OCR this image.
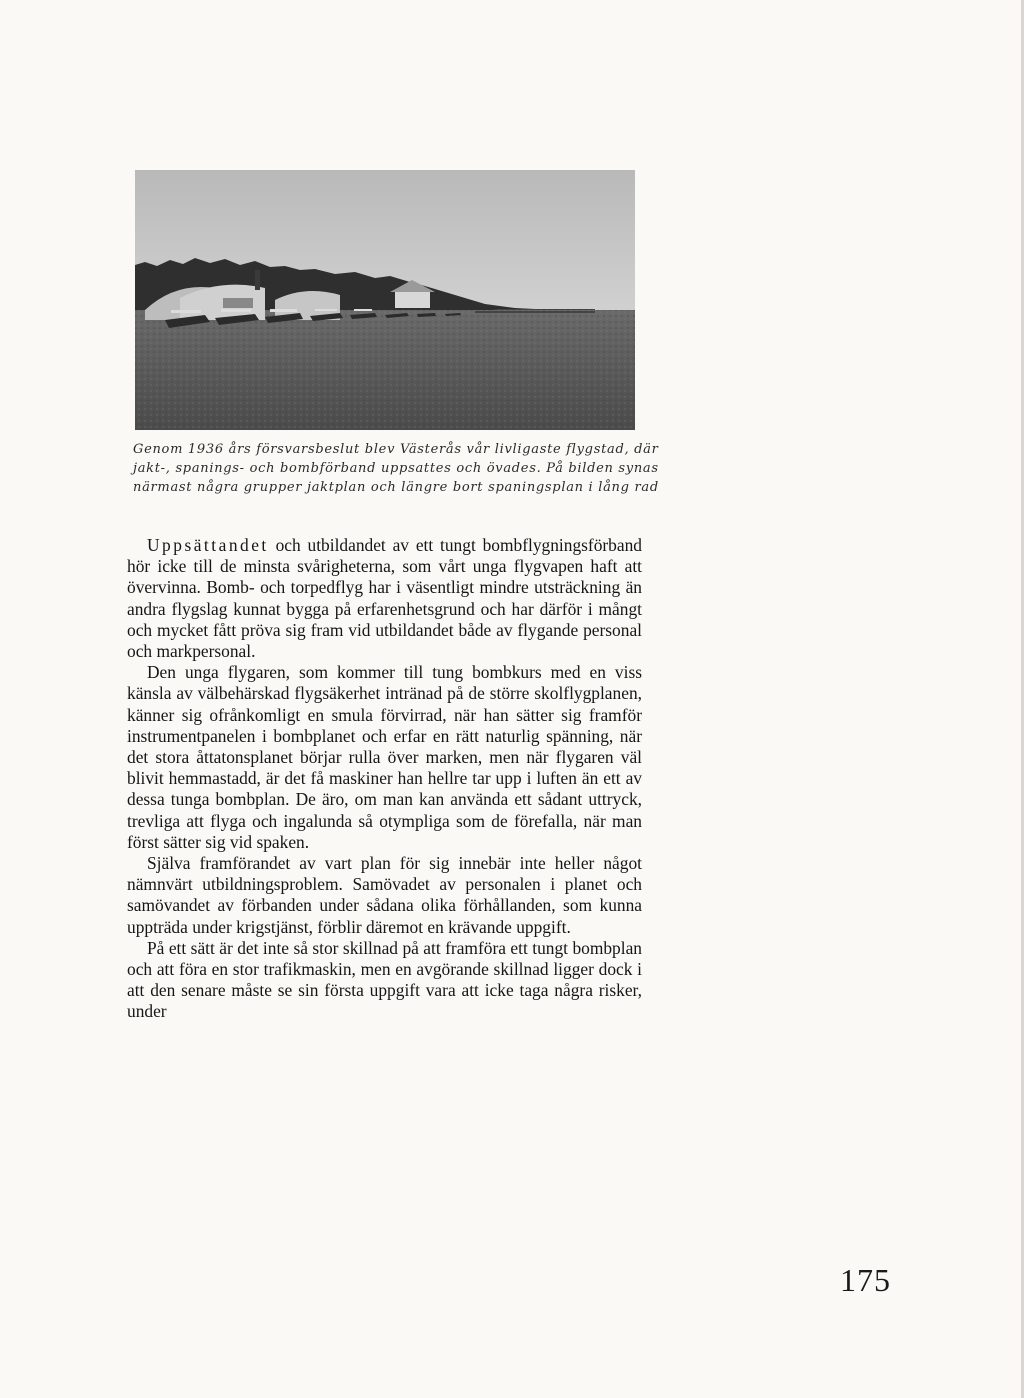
Genom 1936 års försvarsbeslut blev Västerås vår livligaste flygstad, där
jakt-, spanings- och bombförband uppsattes och övades. På bilden synas
närmast några grupper jaktplan och längre bort spaningsplan i lång rad

Uppsättandet och utbildandet av ett tungt bombflygningsförband hör icke till de minsta svårigheterna, som vårt unga flygvapen haft att övervinna. Bomb- och torpedflyg har i väsentligt mindre utsträckning än andra flygslag kunnat bygga på erfarenhetsgrund och har därför i mångt och mycket fått pröva sig fram vid utbildandet både av flygande personal och markpersonal.

Den unga flygaren, som kommer till tung bombkurs med en viss känsla av välbehärskad flygsäkerhet intränad på de större skolflygplanen, känner sig ofrånkomligt en smula förvirrad, när han sätter sig framför instrumentpanelen i bombplanet och erfar en rätt naturlig spänning, när det stora åttatonsplanet börjar rulla över marken, men när flygaren väl blivit hemmastadd, är det få maskiner han hellre tar upp i luften än ett av dessa tunga bombplan. De äro, om man kan använda ett sådant uttryck, trevliga att flyga och ingalunda så otympliga som de förefalla, när man först sätter sig vid spaken.

Själva framförandet av vart plan för sig innebär inte heller något nämnvärt utbildningsproblem. Samövadet av personalen i planet och samövandet av förbanden under sådana olika förhållanden, som kunna uppträda under krigstjänst, förblir däremot en krävande uppgift.

På ett sätt är det inte så stor skillnad på att framföra ett tungt bombplan och att föra en stor trafikmaskin, men en avgörande skillnad ligger dock i att den senare måste se sin första uppgift vara att icke taga några risker, under

175
